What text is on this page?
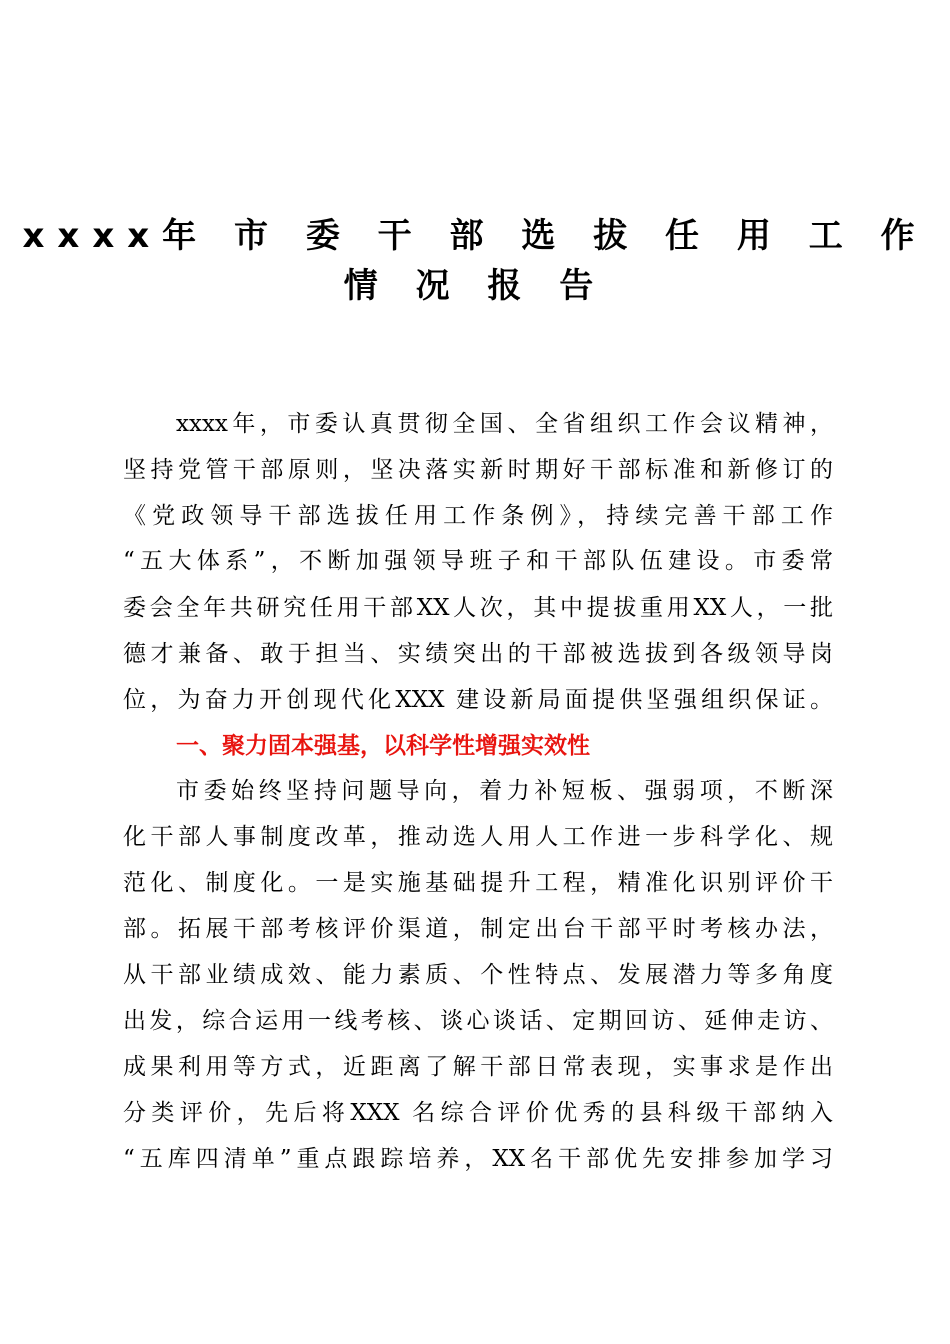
xxxx年 市 委 干 部 选 拔 任 用 工 作
情 况 报 告
xxxx年，市委认真贯彻全国、全省组织工作会议精神，
坚持党管干部原则，坚决落实新时期好干部标准和新修订的
《党政领导干部选拔任用工作条例》，持续完善干部工作
“五大体系”，不断加强领导班子和干部队伍建设。市委常
委会全年共研究任用干部XX人次，其中提拔重用XX人，一批
德才兼备、敢于担当、实绩突出的干部被选拔到各级领导岗
位，为奋力开创现代化XXX 建设新局面提供坚强组织保证。
一、聚力固本强基，以科学性增强实效性
市委始终坚持问题导向，着力补短板、强弱项，不断深
化干部人事制度改革，推动选人用人工作进一步科学化、规
范化、制度化。一是实施基础提升工程，精准化识别评价干
部。拓展干部考核评价渠道，制定出台干部平时考核办法，
从干部业绩成效、能力素质、个性特点、发展潜力等多角度
出发，综合运用一线考核、谈心谈话、定期回访、延伸走访、
成果利用等方式，近距离了解干部日常表现，实事求是作出
分类评价，先后将XXX 名综合评价优秀的县科级干部纳入
“五库四清单”重点跟踪培养，XX名干部优先安排参加学习
